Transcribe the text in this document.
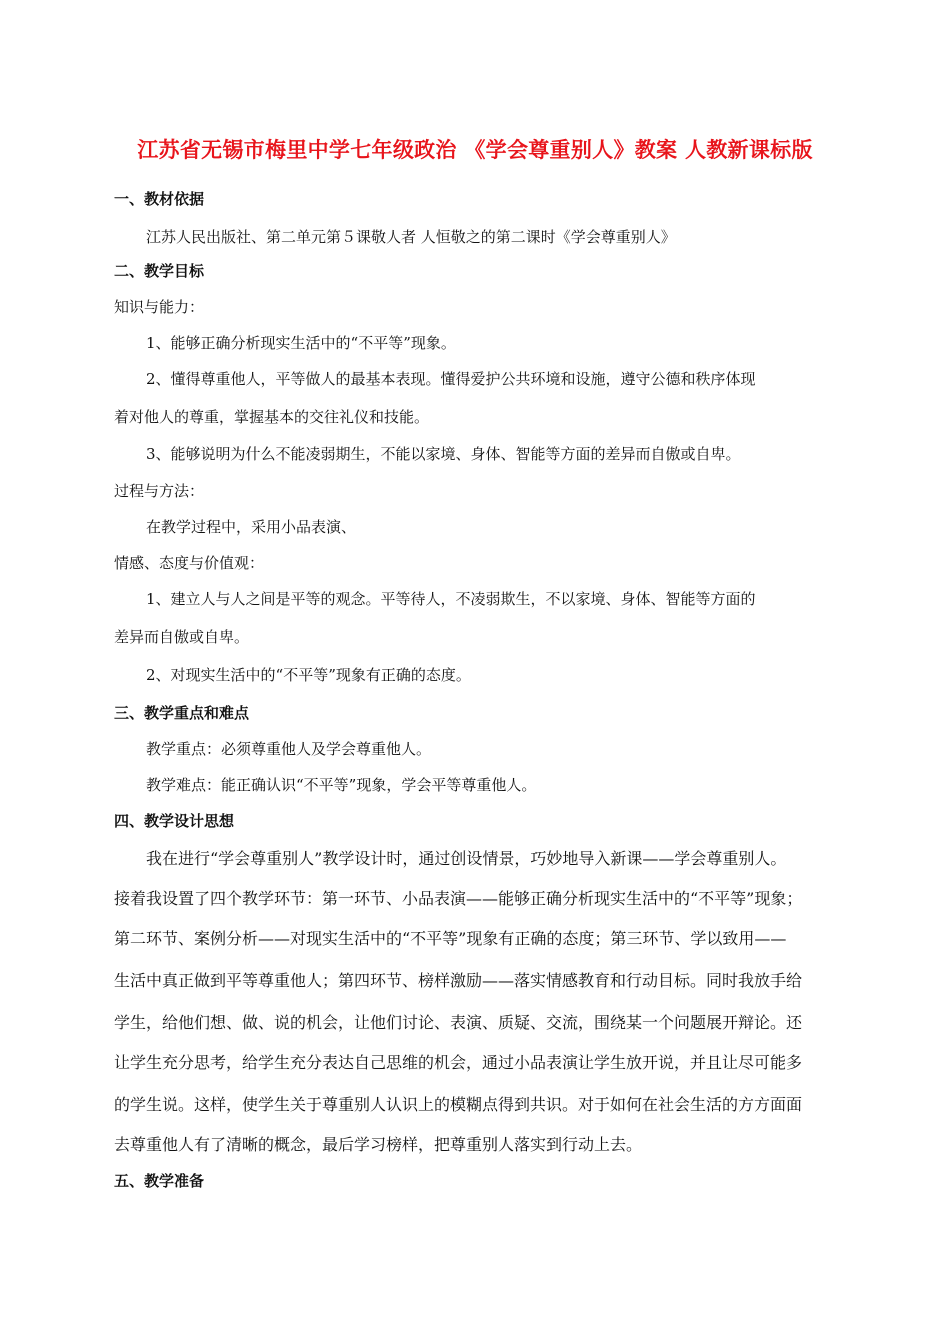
江苏省无锡市梅里中学七年级政治 《学会尊重别人》教案 人教新课标版
一、教材依据
江苏人民出版社、第二单元第５课敬人者 人恒敬之的第二课时《学会尊重别人》
二、教学目标
知识与能力：
1、能够正确分析现实生活中的“不平等”现象。
2、懂得尊重他人，平等做人的最基本表现。懂得爱护公共环境和设施，遵守公德和秩序体现
着对他人的尊重，掌握基本的交往礼仪和技能。
3、能够说明为什么不能凌弱期生，不能以家境、身体、智能等方面的差异而自傲或自卑。
过程与方法：
在教学过程中，采用小品表演、
情感、态度与价值观：
1、建立人与人之间是平等的观念。平等待人，不凌弱欺生，不以家境、身体、智能等方面的
差异而自傲或自卑。
2、对现实生活中的“不平等”现象有正确的态度。
三、教学重点和难点
教学重点：必须尊重他人及学会尊重他人。
教学难点：能正确认识“不平等”现象，学会平等尊重他人。
四、教学设计思想
我在进行“学会尊重别人”教学设计时，通过创设情景，巧妙地导入新课——学会尊重别人。
接着我设置了四个教学环节：第一环节、小品表演——能够正确分析现实生活中的“不平等”现象；
第二环节、案例分析——对现实生活中的“不平等”现象有正确的态度；第三环节、学以致用——
生活中真正做到平等尊重他人；第四环节、榜样激励——落实情感教育和行动目标。同时我放手给
学生，给他们想、做、说的机会，让他们讨论、表演、质疑、交流，围绕某一个问题展开辩论。还
让学生充分思考，给学生充分表达自己思维的机会，通过小品表演让学生放开说，并且让尽可能多
的学生说。这样，使学生关于尊重别人认识上的模糊点得到共识。对于如何在社会生活的方方面面
去尊重他人有了清晰的概念，最后学习榜样，把尊重别人落实到行动上去。
五、教学准备
